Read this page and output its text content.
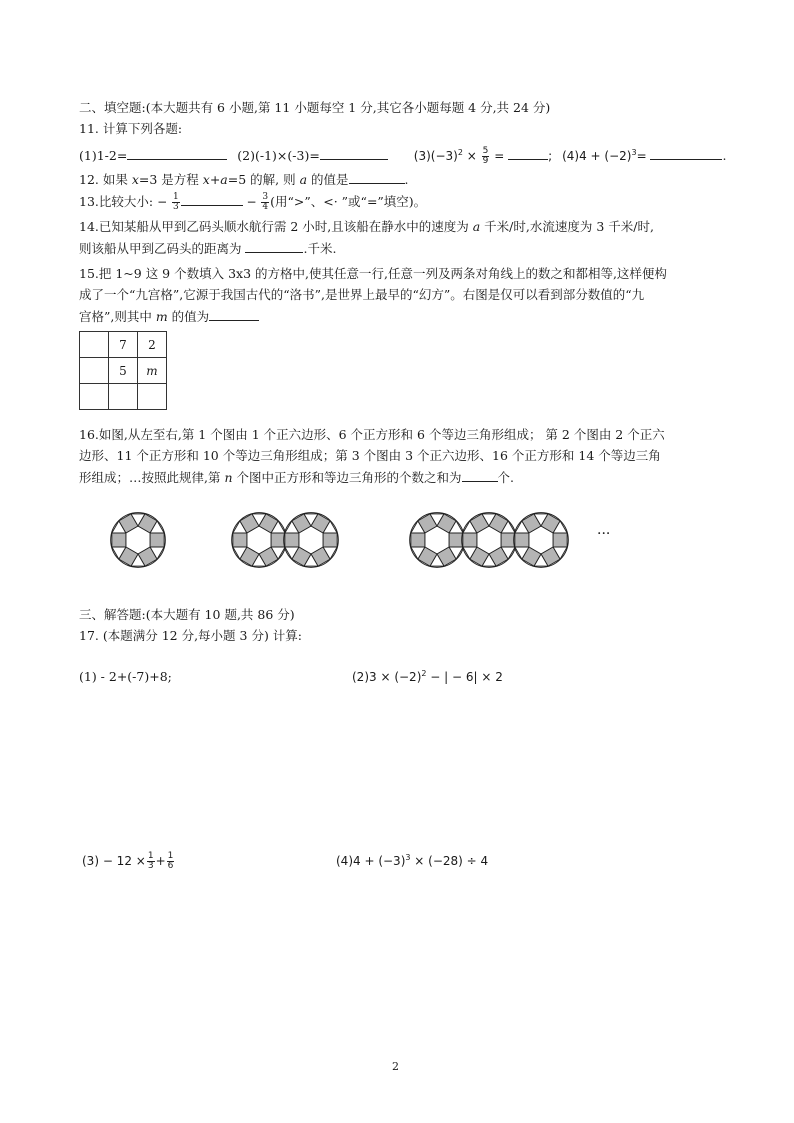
二、填空题:(本大题共有 6 小题,第 11 小题每空 1 分,其它各小题每题 4 分,共 24 分)
11. 计算下列各题:
(1)1-2=	(2)(-1)×(-3)=	$(3)(-3)^2 \times \frac{5}{9}$ =	; $(4)4 + (-2)^3=$	.
12. 如果 x=3 是方程 x+a=5 的解, 则 a 的值是	.
13.比较大小: − $\frac{1}{3}$	− $\frac{3}{4}$ (用“>”、<· ”或“=”填空)。
14.已知某船从甲到乙码头顺水航行需 2 小时,且该船在静水中的速度为 a 千米/时,水流速度为 3 千米/时,
则该船从甲到乙码头的距离为	.千米.
15.把 1~9 这 9 个数填入 3x3 的方格中,使其任意一行,任意一列及两条对角线上的数之和都相等,这样便构
成了一个“九宫格”,它源于我国古代的“洛书”,是世界上最早的“幻方”。右图是仅可以看到部分数值的“九
宫格”,则其中 m 的值为
	7	2
	5	m

16.如图,从左至右,第 1 个图由 1 个正六边形、6 个正方形和 6 个等边三角形组成； 第 2 个图由 2 个正六
边形、11 个正方形和 10 个等边三角形组成；第 3 个图由 3 个正六边形、16 个正方形和 14 个等边三角
形组成；…按照此规律,第 n 个图中正方形和等边三角形的个数之和为	个.
···
三、解答题:(本大题有 10 题,共 86 分)
17. (本题满分 12 分,每小题 3 分) 计算:
(1) - 2+(-7)+8;	$(2)3 \times (-2)^2$ − | − 6| × 2
$(3) - 12 \times \frac{1}{3} + \frac{1}{6}$	$(4)4 + (-3)^3 \times (-28) \div 4$
2
